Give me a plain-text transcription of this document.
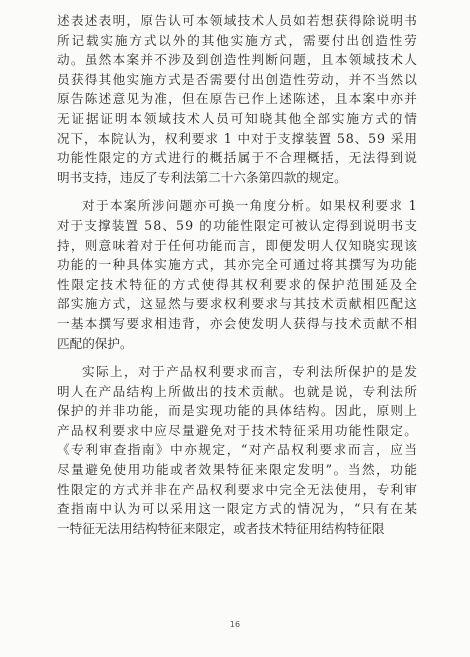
述 表 述 表 明 ， 原 告 认 可 本 领 域 技 术 人 员 如 若 想 获 得 除 说 明 书
所 记 载 实 施 方 式 以 外 的 其 他 实 施 方 式 ， 需 要 付 出 创 造 性 劳
动 。 虽 然 本 案 并 不 涉 及 到 创 造 性 判 断 问 题 ， 且 本 领 域 技 术 人
员 获 得 其 他 实 施 方 式 是 否 需 要 付 出 创 造 性 劳 动 ， 并 不 当 然 以
原 告 陈 述 意 见 为 准 ， 但 在 原 告 已 作 上 述 陈 述 ， 且 本 案 中 亦 并
无 证 据 证 明 本 领 域 技 术 人 员 可 知 晓 其 他 全 部 实 施 方 式 的 情
况 下 ， 本 院 认 为 ， 权 利 要 求
1
中 对 于 支 撑 装 置
5 8 、 5 9
采 用
功 能 性 限 定 的 方 式 进 行 的 概 括 属 于 不 合 理 概 括 ， 无 法 得 到 说
明书支持，违反了专利法第二十六条第四款的规定。
对 于 本 案 所 涉 问 题 亦 可 换 一 角 度 分 析 。 如 果 权 利 要 求
1
对 于 支 撑 装 置
5 8 、 5 9
的 功 能 性 限 定 可 被 认 定 得 到 说 明 书 支
持 ， 则 意 味 着 对 于 任 何 功 能 而 言 ， 即 便 发 明 人 仅 知 晓 实 现 该
功 能 的 一 种 具 体 实 施 方 式 ， 其 亦 完 全 可 通 过 将 其 撰 写 为 功 能
性 限 定 技 术 特 征 的 方 式 使 得 其 权 利 要 求 的 保 护 范 围 延 及 全
部 实 施 方 式 ， 这 显 然 与 要 求 权 利 要 求 与 其 技 术 贡 献 相 匹 配 这
一 基 本 撰 写 要 求 相 违 背 ， 亦 会 使 发 明 人 获 得 与 技 术 贡 献 不 相
匹配的保护。
实 际 上 ， 对 于 产 品 权 利 要 求 而 言 ， 专 利 法 所 保 护 的 是 发
明 人 在 产 品 结 构 上 所 做 出 的 技 术 贡 献 。 也 就 是 说 ， 专 利 法 所
保 护 的 并 非 功 能 ， 而 是 实 现 功 能 的 具 体 结 构 。 因 此 ， 原 则 上
产 品 权 利 要 求 中 应 尽 量 避 免 对 于 技 术 特 征 采 用 功 能 性 限 定 。
《 专 利 审 查 指 南 》 中 亦 规 定 ， “ 对 产 品 权 利 要 求 而 言 ， 应 当
尽 量 避 免 使 用 功 能 或 者 效 果 特 征 来 限 定 发 明 ” 。 当 然 ， 功 能
性 限 定 的 方 式 并 非 在 产 品 权 利 要 求 中 完 全 无 法 使 用 ， 专 利 审
查 指 南 中 认 为 可 以 采 用 这 一 限 定 方 式 的 情 况 为 ， “ 只 有 在 某
一特征无法用结构特征来限定，或者技术特征用结构特征限
16
